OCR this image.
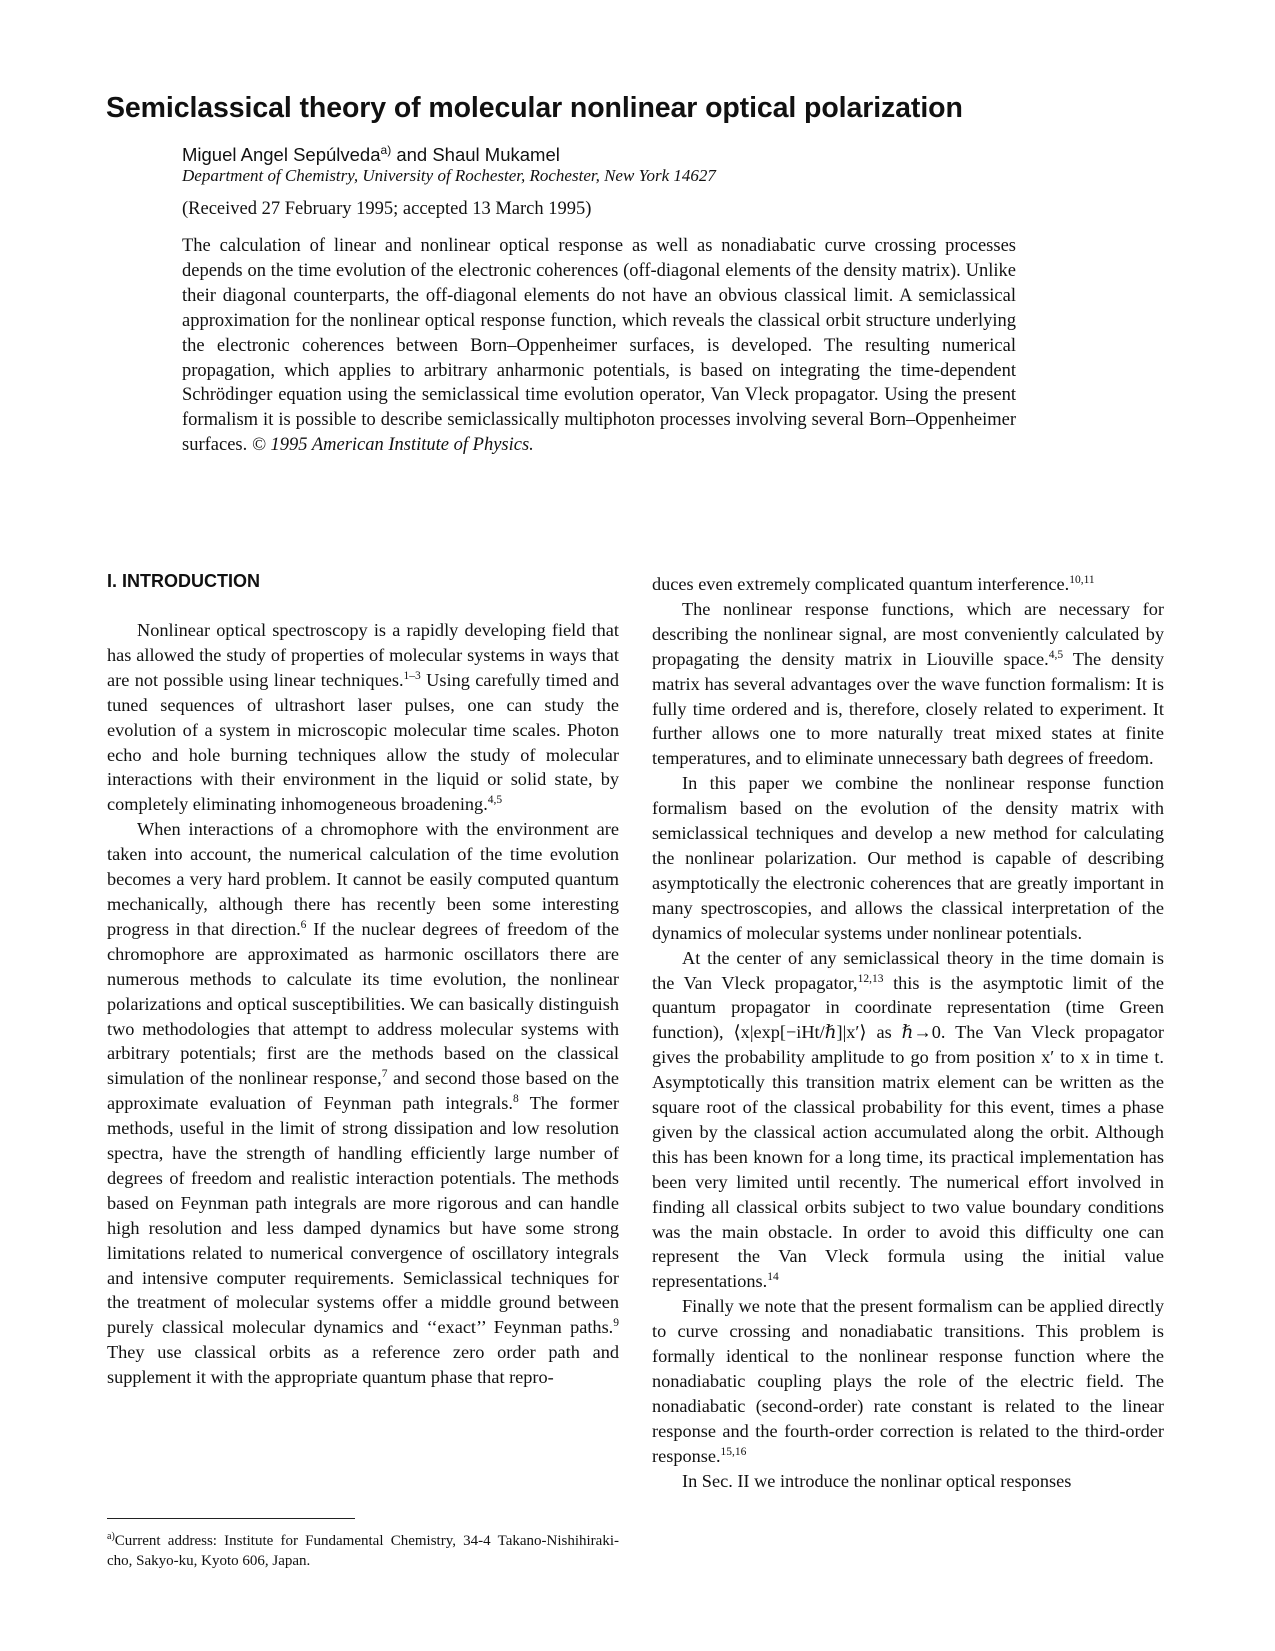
Semiclassical theory of molecular nonlinear optical polarization
Miguel Angel Sepúlveda$^{a)}$ and Shaul Mukamel
Department of Chemistry, University of Rochester, Rochester, New York 14627
(Received 27 February 1995; accepted 13 March 1995)
The calculation of linear and nonlinear optical response as well as nonadiabatic curve crossing processes depends on the time evolution of the electronic coherences (off-diagonal elements of the density matrix). Unlike their diagonal counterparts, the off-diagonal elements do not have an obvious classical limit. A semiclassical approximation for the nonlinear optical response function, which reveals the classical orbit structure underlying the electronic coherences between Born–Oppenheimer surfaces, is developed. The resulting numerical propagation, which applies to arbitrary anharmonic potentials, is based on integrating the time-dependent Schrödinger equation using the semiclassical time evolution operator, Van Vleck propagator. Using the present formalism it is possible to describe semiclassically multiphoton processes involving several Born–Oppenheimer surfaces. © 1995 American Institute of Physics.
I. INTRODUCTION

Nonlinear optical spectroscopy is a rapidly developing field that has allowed the study of properties of molecular systems in ways that are not possible using linear techniques.$^{1-3}$ Using carefully timed and tuned sequences of ultrashort laser pulses, one can study the evolution of a system in microscopic molecular time scales. Photon echo and hole burning techniques allow the study of molecular interactions with their environment in the liquid or solid state, by completely eliminating inhomogeneous broadening.$^{4,5}$

When interactions of a chromophore with the environment are taken into account, the numerical calculation of the time evolution becomes a very hard problem. It cannot be easily computed quantum mechanically, although there has recently been some interesting progress in that direction.$^6$ If the nuclear degrees of freedom of the chromophore are approximated as harmonic oscillators there are numerous methods to calculate its time evolution, the nonlinear polarizations and optical susceptibilities. We can basically distinguish two methodologies that attempt to address molecular systems with arbitrary potentials; first are the methods based on the classical simulation of the nonlinear response,$^7$ and second those based on the approximate evaluation of Feynman path integrals.$^8$ The former methods, useful in the limit of strong dissipation and low resolution spectra, have the strength of handling efficiently large number of degrees of freedom and realistic interaction potentials. The methods based on Feynman path integrals are more rigorous and can handle high resolution and less damped dynamics but have some strong limitations related to numerical convergence of oscillatory integrals and intensive computer requirements. Semiclassical techniques for the treatment of molecular systems offer a middle ground between purely classical molecular dynamics and ‘‘exact’’ Feynman paths.$^9$ They use classical orbits as a reference zero order path and supplement it with the appropriate quantum phase that repro-

$^{a)}$Current address: Institute for Fundamental Chemistry, 34-4 Takano-Nishihiraki-cho, Sakyo-ku, Kyoto 606, Japan.

duces even extremely complicated quantum interference.$^{10,11}$

The nonlinear response functions, which are necessary for describing the nonlinear signal, are most conveniently calculated by propagating the density matrix in Liouville space.$^{4,5}$ The density matrix has several advantages over the wave function formalism: It is fully time ordered and is, therefore, closely related to experiment. It further allows one to more naturally treat mixed states at finite temperatures, and to eliminate unnecessary bath degrees of freedom.

In this paper we combine the nonlinear response function formalism based on the evolution of the density matrix with semiclassical techniques and develop a new method for calculating the nonlinear polarization. Our method is capable of describing asymptotically the electronic coherences that are greatly important in many spectroscopies, and allows the classical interpretation of the dynamics of molecular systems under nonlinear potentials.

At the center of any semiclassical theory in the time domain is the Van Vleck propagator,$^{12,13}$ this is the asymptotic limit of the quantum propagator in coordinate representation (time Green function), ⟨x|exp[−iHt/ℏ]|x′⟩ as ℏ→0. The Van Vleck propagator gives the probability amplitude to go from position x′ to x in time t. Asymptotically this transition matrix element can be written as the square root of the classical probability for this event, times a phase given by the classical action accumulated along the orbit. Although this has been known for a long time, its practical implementation has been very limited until recently. The numerical effort involved in finding all classical orbits subject to two value boundary conditions was the main obstacle. In order to avoid this difficulty one can represent the Van Vleck formula using the initial value representations.$^{14}$

Finally we note that the present formalism can be applied directly to curve crossing and nonadiabatic transitions. This problem is formally identical to the nonlinear response function where the nonadiabatic coupling plays the role of the electric field. The nonadiabatic (second-order) rate constant is related to the linear response and the fourth-order correction is related to the third-order response.$^{15,16}$

In Sec. II we introduce the nonlinar optical responses
